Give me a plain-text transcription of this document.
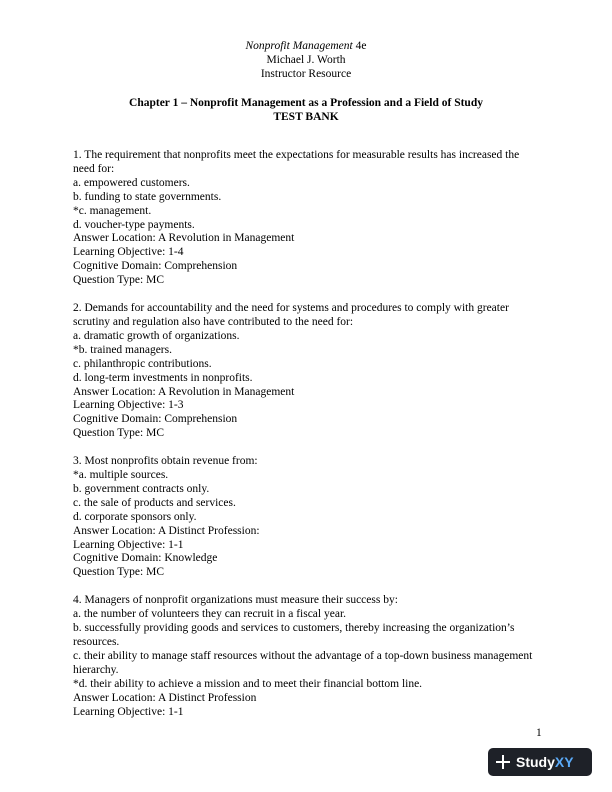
Nonprofit Management 4e
Michael J. Worth
Instructor Resource
Chapter 1 – Nonprofit Management as a Profession and a Field of Study
TEST BANK
1. The requirement that nonprofits meet the expectations for measurable results has increased the need for:
a. empowered customers.
b. funding to state governments.
*c. management.
d. voucher-type payments.
Answer Location: A Revolution in Management
Learning Objective: 1-4
Cognitive Domain: Comprehension
Question Type: MC
2. Demands for accountability and the need for systems and procedures to comply with greater scrutiny and regulation also have contributed to the need for:
a. dramatic growth of organizations.
*b. trained managers.
c. philanthropic contributions.
d. long-term investments in nonprofits.
Answer Location: A Revolution in Management
Learning Objective: 1-3
Cognitive Domain: Comprehension
Question Type: MC
3. Most nonprofits obtain revenue from:
*a. multiple sources.
b. government contracts only.
c. the sale of products and services.
d. corporate sponsors only.
Answer Location: A Distinct Profession:
Learning Objective: 1-1
Cognitive Domain: Knowledge
Question Type: MC
4. Managers of nonprofit organizations must measure their success by:
a. the number of volunteers they can recruit in a fiscal year.
b. successfully providing goods and services to customers, thereby increasing the organization’s resources.
c. their ability to manage staff resources without the advantage of a top-down business management hierarchy.
*d. their ability to achieve a mission and to meet their financial bottom line.
Answer Location: A Distinct Profession
Learning Objective: 1-1
1
Study XY
